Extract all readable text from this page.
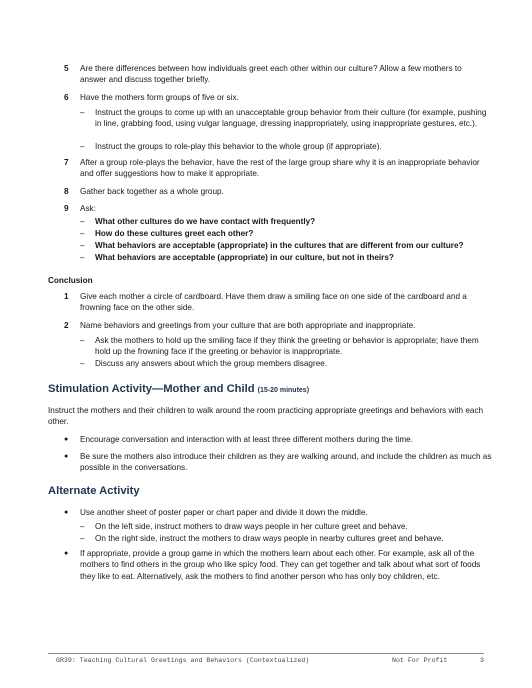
5 Are there differences between how individuals greet each other within our culture? Allow a few mothers to answer and discuss together briefly.
6 Have the mothers form groups of five or six.
– Instruct the groups to come up with an unacceptable group behavior from their culture (for example, pushing in line, grabbing food, using vulgar language, dressing inappropriately, using inappropriate gestures, etc.).
– Instruct the groups to role-play this behavior to the whole group (if appropriate).
7 After a group role-plays the behavior, have the rest of the large group share why it is an inappropriate behavior and offer suggestions how to make it appropriate.
8 Gather back together as a whole group.
9 Ask:
– What other cultures do we have contact with frequently?
– How do these cultures greet each other?
– What behaviors are acceptable (appropriate) in the cultures that are different from our culture?
– What behaviors are acceptable (appropriate) in our culture, but not in theirs?
Conclusion
1 Give each mother a circle of cardboard. Have them draw a smiling face on one side of the cardboard and a frowning face on the other side.
2 Name behaviors and greetings from your culture that are both appropriate and inappropriate.
– Ask the mothers to hold up the smiling face if they think the greeting or behavior is appropriate; have them hold up the frowning face if the greeting or behavior is inappropriate.
– Discuss any answers about which the group members disagree.
Stimulation Activity—Mother and Child (15-20 minutes)
Instruct the mothers and their children to walk around the room practicing appropriate greetings and behaviors with each other.
● Encourage conversation and interaction with at least three different mothers during the time.
● Be sure the mothers also introduce their children as they are walking around, and include the children as much as possible in the conversations.
Alternate Activity
● Use another sheet of poster paper or chart paper and divide it down the middle.
– On the left side, instruct mothers to draw ways people in her culture greet and behave.
– On the right side, instruct the mothers to draw ways people in nearby cultures greet and behave.
● If appropriate, provide a group game in which the mothers learn about each other. For example, ask all of the mothers to find others in the group who like spicy food. They can get together and talk about what sort of foods they like to eat. Alternatively, ask the mothers to find another person who has only boy children, etc.
GR39: Teaching Cultural Greetings and Behaviors (Contextualized)	Not For Profit	3
